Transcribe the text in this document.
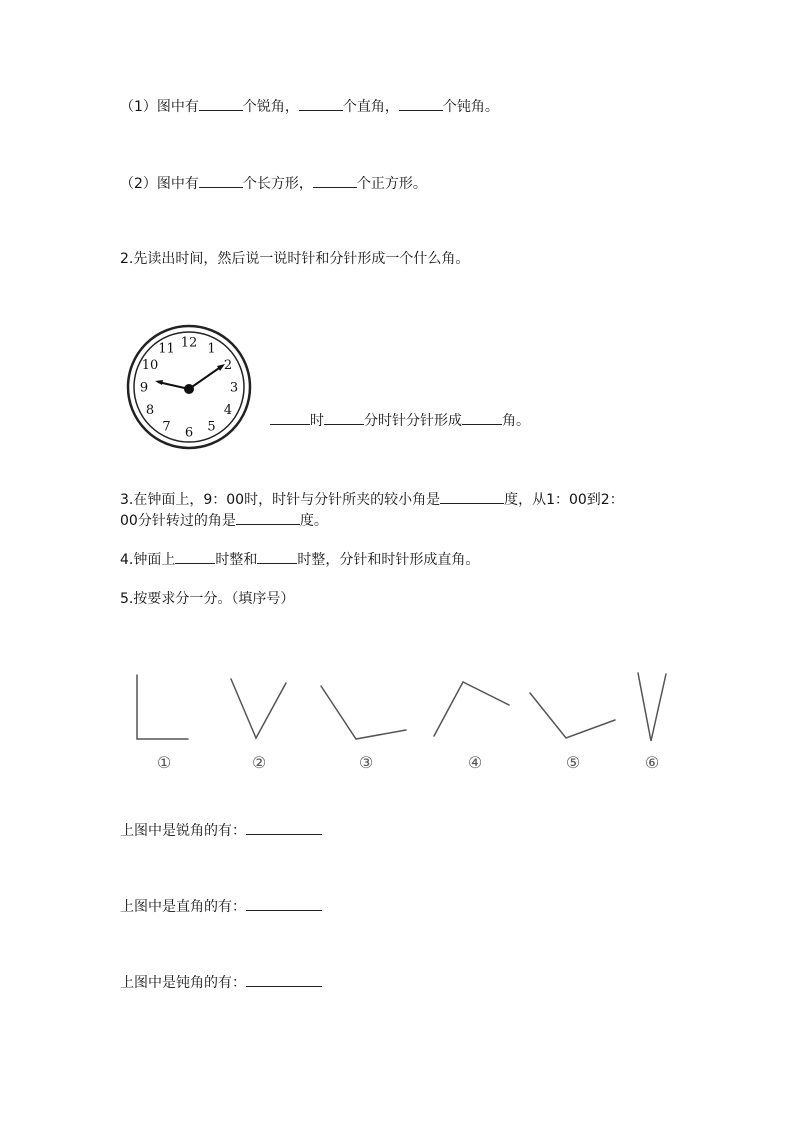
（1）图中有	个锐角，	个直角，	个钝角。
（2）图中有	个长方形，	个正方形。
2.先读出时间，然后说一说时针和分针形成一个什么角。
12 1
2
3
4
5
6
7
8
9
10
11
时	分时针分针形成	角。
3.在钟面上，9：00时，时针与分针所夹的较小角是	度，从1：00到2：
00分针转过的角是	度。
4.钟面上	时整和	时整，分针和时针形成直角。
5.按要求分一分。（填序号）
①	②	③	④	⑤	⑥
上图中是锐角的有：
上图中是直角的有：
上图中是钝角的有：
